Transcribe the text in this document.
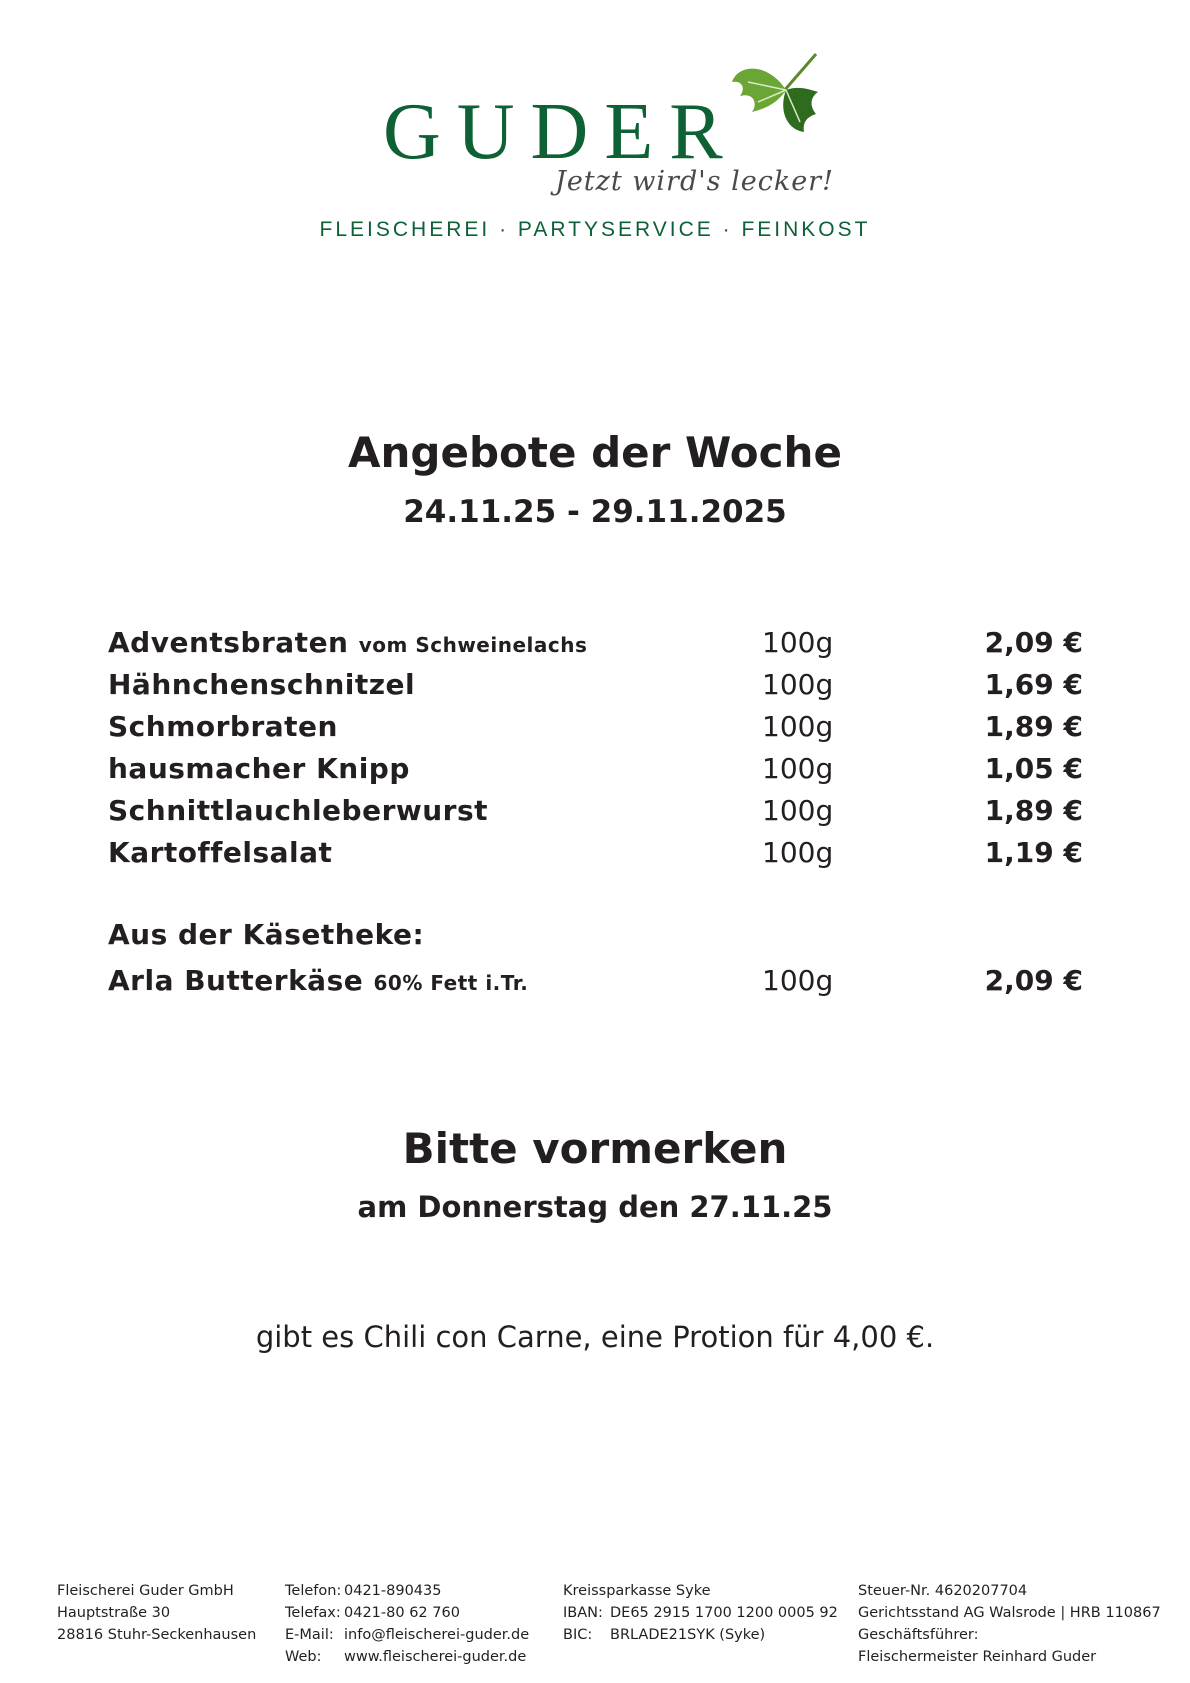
GUDER
Jetzt wird's lecker!
FLEISCHEREI · PARTYSERVICE · FEINKOST
Angebote der Woche
24.11.25 - 29.11.2025
Adventsbraten vom Schweinelachs	100g	2,09 €
Hähnchenschnitzel	100g	1,69 €
Schmorbraten	100g	1,89 €
hausmacher Knipp	100g	1,05 €
Schnittlauchleberwurst	100g	1,89 €
Kartoffelsalat	100g	1,19 €
Aus der Käsetheke:
Arla Butterkäse 60% Fett i.Tr.	100g	2,09 €
Bitte vormerken
am Donnerstag den 27.11.25
gibt es Chili con Carne, eine Protion für 4,00 €.
Fleischerei Guder GmbH
Hauptstraße 30
28816 Stuhr-Seckenhausen
Telefon: 0421-890435
Telefax: 0421-80 62 760
E-Mail: info@fleischerei-guder.de
Web: www.fleischerei-guder.de
Kreissparkasse Syke
IBAN: DE65 2915 1700 1200 0005 92
BIC: BRLADE21SYK (Syke)
Steuer-Nr. 4620207704
Gerichtsstand AG Walsrode | HRB 110867
Geschäftsführer:
Fleischermeister Reinhard Guder
